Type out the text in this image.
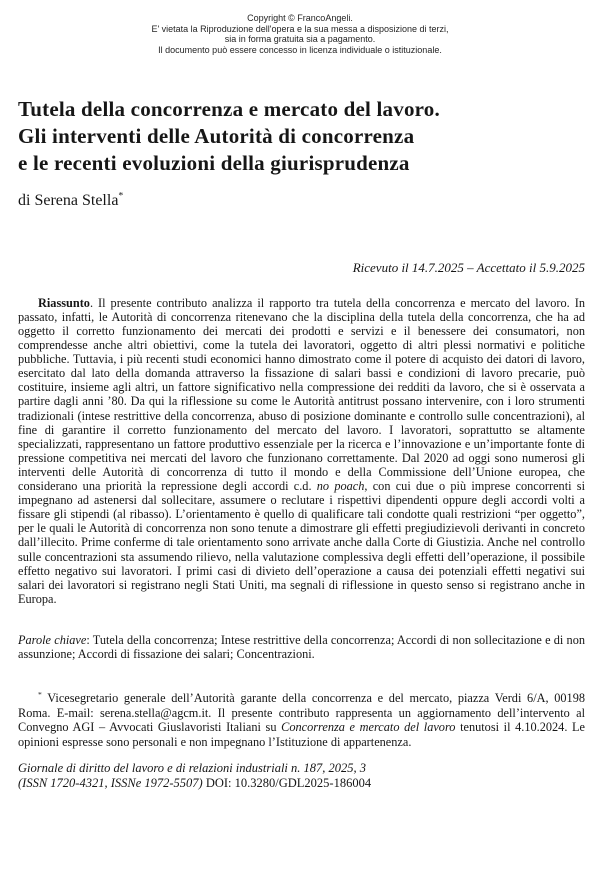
Copyright © FrancoAngeli.
E' vietata la Riproduzione dell'opera e la sua messa a disposizione di terzi,
sia in forma gratuita sia a pagamento.
Il documento può essere concesso in licenza individuale o istituzionale.
Tutela della concorrenza e mercato del lavoro.
Gli interventi delle Autorità di concorrenza
e le recenti evoluzioni della giurisprudenza
di Serena Stella*
Ricevuto il 14.7.2025 – Accettato il 5.9.2025

Riassunto. Il presente contributo analizza il rapporto tra tutela della concorrenza e mercato del lavoro. In passato, infatti, le Autorità di concorrenza ritenevano che la disciplina della tutela della concorrenza, che ha ad oggetto il corretto funzionamento dei mercati dei prodotti e servizi e il benessere dei consumatori, non comprendesse anche altri obiettivi, come la tutela dei lavoratori, oggetto di altri plessi normativi e politiche pubbliche. Tuttavia, i più recenti studi economici hanno dimostrato come il potere di acquisto dei datori di lavoro, esercitato dal lato della domanda attraverso la fissazione di salari bassi e condizioni di lavoro precarie, può costituire, insieme agli altri, un fattore significativo nella compressione dei redditi da lavoro, che si è osservata a partire dagli anni ’80. Da qui la riflessione su come le Autorità antitrust possano intervenire, con i loro strumenti tradizionali (intese restrittive della concorrenza, abuso di posizione dominante e controllo sulle concentrazioni), al fine di garantire il corretto funzionamento del mercato del lavoro. I lavoratori, soprattutto se altamente specializzati, rappresentano un fattore produttivo essenziale per la ricerca e l’innovazione e un’importante fonte di pressione competitiva nei mercati del lavoro che funzionano correttamente. Dal 2020 ad oggi sono numerosi gli interventi delle Autorità di concorrenza di tutto il mondo e della Commissione dell’Unione europea, che considerano una priorità la repressione degli accordi c.d. no poach, con cui due o più imprese concorrenti si impegnano ad astenersi dal sollecitare, assumere o reclutare i rispettivi dipendenti oppure degli accordi volti a fissare gli stipendi (al ribasso). L’orientamento è quello di qualificare tali condotte quali restrizioni “per oggetto”, per le quali le Autorità di concorrenza non sono tenute a dimostrare gli effetti pregiudizievoli derivanti in concreto dall’illecito. Prime conferme di tale orientamento sono arrivate anche dalla Corte di Giustizia. Anche nel controllo sulle concentrazioni sta assumendo rilievo, nella valutazione complessiva degli effetti dell’operazione, il possibile effetto negativo sui lavoratori. I primi casi di divieto dell’operazione a causa dei potenziali effetti negativi sui salari dei lavoratori si registrano negli Stati Uniti, ma segnali di riflessione in questo senso si registrano anche in Europa.

Parole chiave: Tutela della concorrenza; Intese restrittive della concorrenza; Accordi di non sollecitazione e di non assunzione; Accordi di fissazione dei salari; Concentrazioni.

* Vicesegretario generale dell’Autorità garante della concorrenza e del mercato, piazza Verdi 6/A, 00198 Roma. E-mail: serena.stella@agcm.it. Il presente contributo rappresenta un aggiornamento dell’intervento al Convegno AGI – Avvocati Giuslavoristi Italiani su Concorrenza e mercato del lavoro tenutosi il 4.10.2024. Le opinioni espresse sono personali e non impegnano l’Istituzione di appartenenza.

Giornale di diritto del lavoro e di relazioni industriali n. 187, 2025, 3
(ISSN 1720-4321, ISSNe 1972-5507) DOI: 10.3280/GDL2025-186004
